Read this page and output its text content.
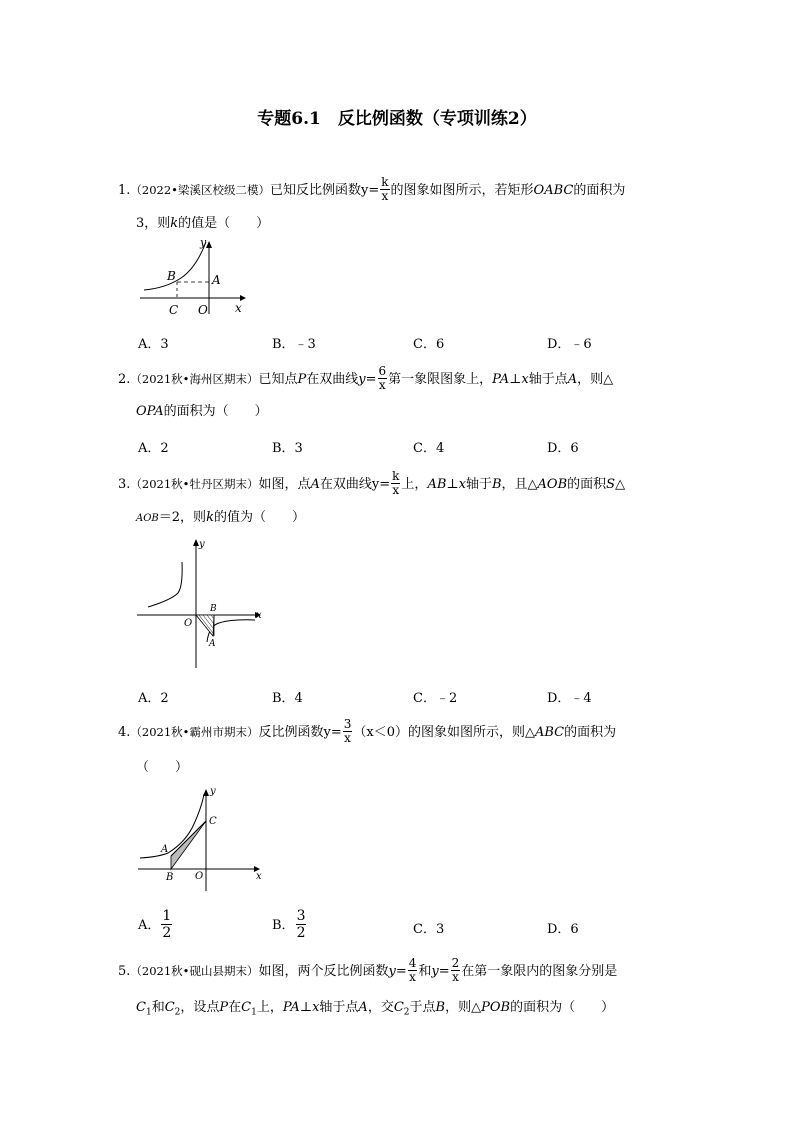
专题6.1　反比例函数（专项训练2）
1.（2022•梁溪区校级二模）已知反比例函数$y= \frac{k}{x}$ 的图象如图所示，若矩形OABC的面积为
3，则k的值是（　　）
y
x
B	A
C O
A．3	B．﹣3	C．6	D．﹣6
2.（2021秋•海州区期末）已知点P在双曲线$y= \frac{6}{x}$ 第一象限图象上，PA⊥x轴于点A，则△
OPA的面积为（　　）
A．2	B．3	C．4	D．6
3.（2021秋•牡丹区期末）如图，点A在双曲线$y= \frac{k}{x}$ 上，AB⊥x轴于B，且△AOB的面积S△
AOB＝2，则k的值为（　　）
y
x
O
B
A
A．2	B．4	C．﹣2	D．﹣4
4.（2021秋•霸州市期末）反比例函数$y= \frac{3}{x} (x<0)$的图象如图所示，则△ABC的面积为
（　　）
y
x
C
A
B O
A． $\frac{1}{2}$	B． $\frac{3}{2}$	C．3	D．6
5.（2021秋•砚山县期末）如图，两个反比例函数$y= \frac{4}{x}$ 和$y= \frac{2}{x}$ 在第一象限内的图象分别是
$C_1$和$C_2$，设点P在$C_1$上，PA⊥x轴于点A，交$C_2$于点B，则△POB的面积为（　　）
